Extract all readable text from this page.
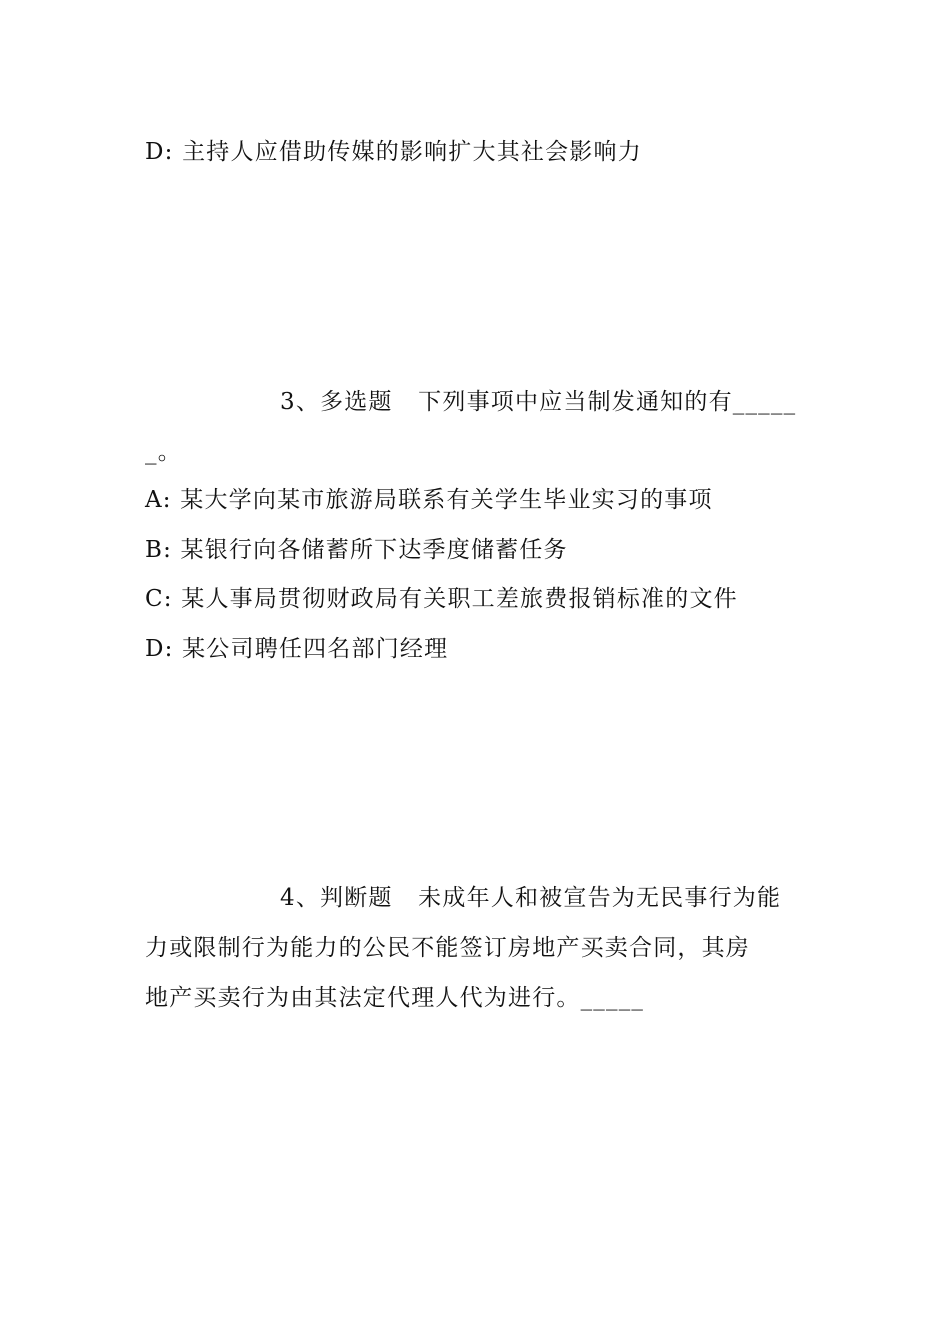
D: 主持人应借助传媒的影响扩大其社会影响力
3、多选题   下列事项中应当制发通知的有_____
_。
A: 某大学向某市旅游局联系有关学生毕业实习的事项
B: 某银行向各储蓄所下达季度储蓄任务
C: 某人事局贯彻财政局有关职工差旅费报销标准的文件
D: 某公司聘任四名部门经理
4、判断题   未成年人和被宣告为无民事行为能
力或限制行为能力的公民不能签订房地产买卖合同，其房
地产买卖行为由其法定代理人代为进行。_____
